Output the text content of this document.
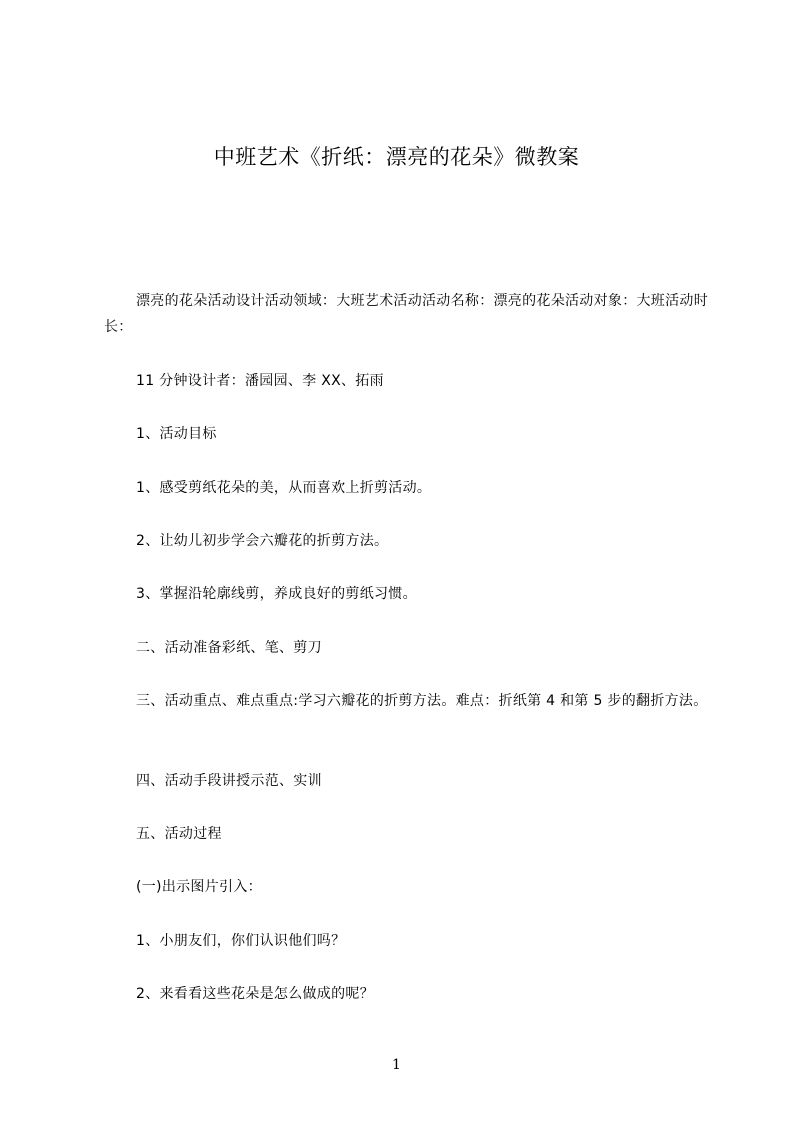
中班艺术《折纸：漂亮的花朵》微教案
漂亮的花朵活动设计活动领域：大班艺术活动活动名称：漂亮的花朵活动对象：大班活动时长：
11 分钟设计者：潘园园、李 XX、拓雨
1、活动目标
1、感受剪纸花朵的美，从而喜欢上折剪活动。
2、让幼儿初步学会六瓣花的折剪方法。
3、掌握沿轮廓线剪，养成良好的剪纸习惯。
二、活动准备彩纸、笔、剪刀
三、活动重点、难点重点:学习六瓣花的折剪方法。难点：折纸第 4 和第 5 步的翻折方法。
四、活动手段讲授示范、实训
五、活动过程
(一)出示图片引入：
1、小朋友们，你们认识他们吗？
2、来看看这些花朵是怎么做成的呢？
1
